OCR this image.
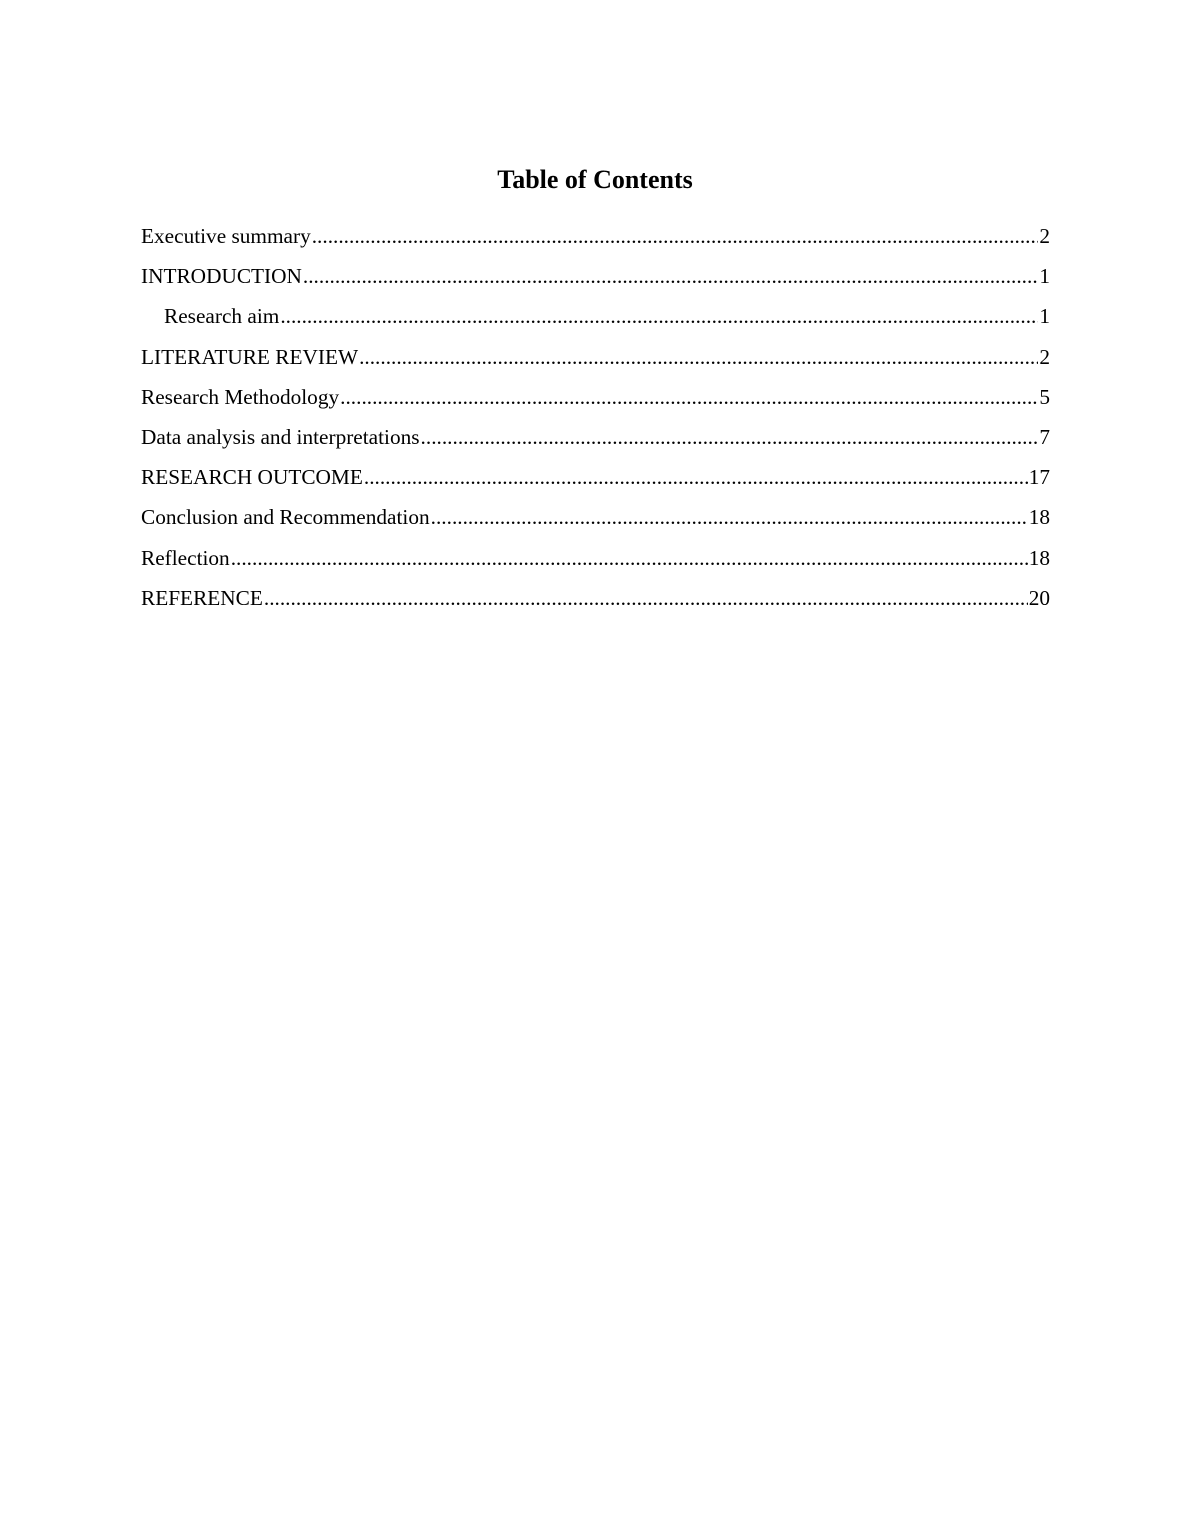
Table of Contents
Executive summary .....	2
INTRODUCTION .....	1
Research aim .....	1
LITERATURE REVIEW .....	2
Research Methodology .....	5
Data analysis and interpretations .....	7
RESEARCH OUTCOME .....	17
Conclusion and Recommendation .....	18
Reflection .....	18
REFERENCE .....	20
